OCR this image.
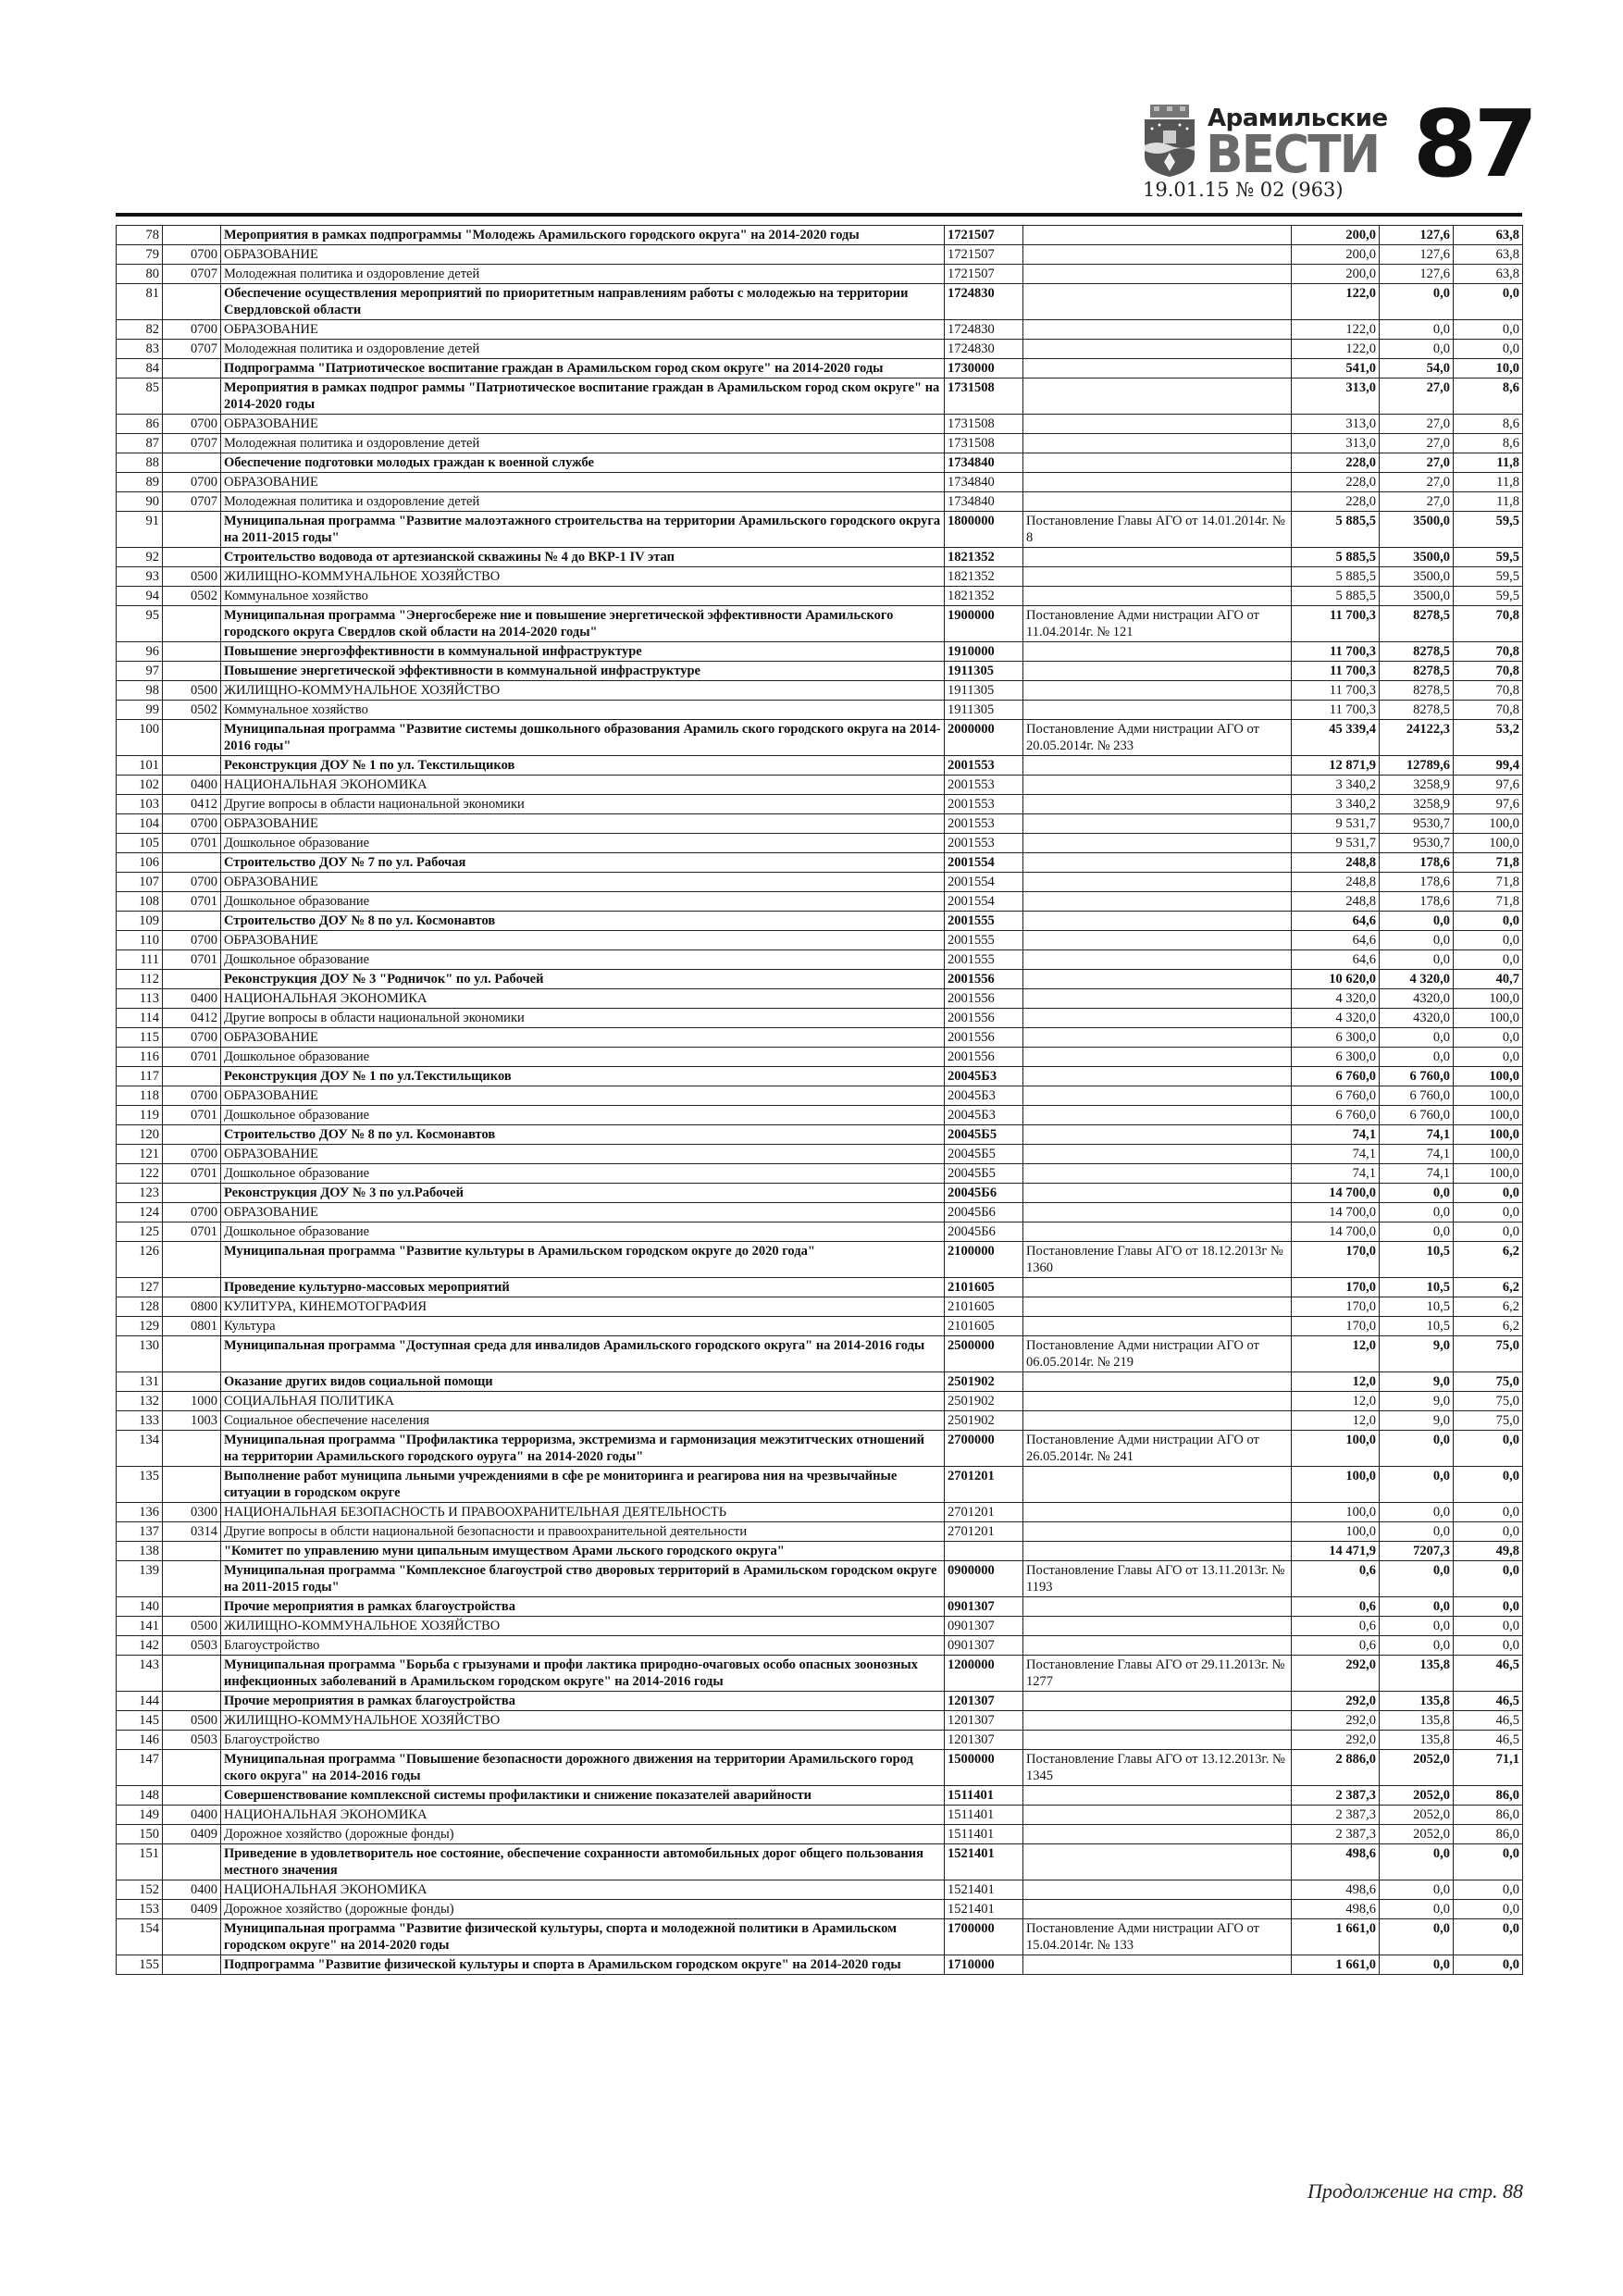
Арамильские
ВЕСТИ 87
19.01.15 № 02 (963)
78		Мероприятия в рамках подпрограммы "Молодежь Арамильского городского округа" на 2014-2020 годы	1721507		200,0	127,6	63,8
79	0700	ОБРАЗОВАНИЕ	1721507		200,0	127,6	63,8
80	0707	Молодежная политика и оздоровление детей	1721507		200,0	127,6	63,8
81		Обеспечение осуществления мероприятий по приоритетным направлениям работы с молодежью на территории Свердловской области	1724830		122,0	0,0	0,0
82	0700	ОБРАЗОВАНИЕ	1724830		122,0	0,0	0,0
83	0707	Молодежная политика и оздоровление детей	1724830		122,0	0,0	0,0
84		Подпрограмма "Патриотическое воспитание граждан в Арамильском город ском округе" на 2014-2020 годы	1730000		541,0	54,0	10,0
85		Мероприятия в рамках подпрог раммы "Патриотическое воспитание граждан в Арамильском город ском округе" на 2014-2020 годы	1731508		313,0	27,0	8,6
86	0700	ОБРАЗОВАНИЕ	1731508		313,0	27,0	8,6
87	0707	Молодежная политика и оздоровление детей	1731508		313,0	27,0	8,6
88		Обеспечение подготовки молодых граждан к военной службе	1734840		228,0	27,0	11,8
89	0700	ОБРАЗОВАНИЕ	1734840		228,0	27,0	11,8
90	0707	Молодежная политика и оздоровление детей	1734840		228,0	27,0	11,8
91		Муниципальная программа "Развитие малоэтажного строительства на территории Арамильского городского округа на 2011-2015 годы"	1800000	Постановление Главы АГО от 14.01.2014г. № 8	5 885,5	3500,0	59,5
92		Строительство водовода от артезианской скважины № 4 до ВКР-1 IV этап	1821352		5 885,5	3500,0	59,5
93	0500	ЖИЛИЩНО-КОММУНАЛЬНОЕ ХОЗЯЙСТВО	1821352		5 885,5	3500,0	59,5
94	0502	Коммунальное хозяйство	1821352		5 885,5	3500,0	59,5
95		Муниципальная программа "Энергосбереже ние и повышение энергетической эффективности Арамильского городского округа Свердлов ской области на 2014-2020 годы"	1900000	Постановление Адми нистрации АГО от 11.04.2014г. № 121	11 700,3	8278,5	70,8
96		Повышение энергоэффективности в коммунальной инфраструктуре	1910000		11 700,3	8278,5	70,8
97		Повышение энергетической эффективности в коммунальной инфраструктуре	1911305		11 700,3	8278,5	70,8
98	0500	ЖИЛИЩНО-КОММУНАЛЬНОЕ ХОЗЯЙСТВО	1911305		11 700,3	8278,5	70,8
99	0502	Коммунальное хозяйство	1911305		11 700,3	8278,5	70,8
100		Муниципальная программа "Развитие системы дошкольного образования Арамиль ского городского округа на 2014-2016 годы"	2000000	Постановление Адми нистрации АГО от 20.05.2014г. № 233	45 339,4	24122,3	53,2
101		Реконструкция ДОУ № 1 по ул. Текстильщиков	2001553		12 871,9	12789,6	99,4
102	0400	НАЦИОНАЛЬНАЯ ЭКОНОМИКА	2001553		3 340,2	3258,9	97,6
103	0412	Другие вопросы в области национальной экономики	2001553		3 340,2	3258,9	97,6
104	0700	ОБРАЗОВАНИЕ	2001553		9 531,7	9530,7	100,0
105	0701	Дошкольное образование	2001553		9 531,7	9530,7	100,0
106		Строительство ДОУ № 7 по ул. Рабочая	2001554		248,8	178,6	71,8
107	0700	ОБРАЗОВАНИЕ	2001554		248,8	178,6	71,8
108	0701	Дошкольное образование	2001554		248,8	178,6	71,8
109		Строительство ДОУ № 8 по ул. Космонавтов	2001555		64,6	0,0	0,0
110	0700	ОБРАЗОВАНИЕ	2001555		64,6	0,0	0,0
111	0701	Дошкольное образование	2001555		64,6	0,0	0,0
112		Реконструкция ДОУ № 3 "Родничок" по ул. Рабочей	2001556		10 620,0	4 320,0	40,7
113	0400	НАЦИОНАЛЬНАЯ ЭКОНОМИКА	2001556		4 320,0	4320,0	100,0
114	0412	Другие вопросы в области национальной экономики	2001556		4 320,0	4320,0	100,0
115	0700	ОБРАЗОВАНИЕ	2001556		6 300,0	0,0	0,0
116	0701	Дошкольное образование	2001556		6 300,0	0,0	0,0
117		Реконструкция ДОУ № 1 по ул.Текстильщиков	20045Б3		6 760,0	6 760,0	100,0
118	0700	ОБРАЗОВАНИЕ	20045Б3		6 760,0	6 760,0	100,0
119	0701	Дошкольное образование	20045Б3		6 760,0	6 760,0	100,0
120		Строительство ДОУ № 8 по ул. Космонавтов	20045Б5		74,1	74,1	100,0
121	0700	ОБРАЗОВАНИЕ	20045Б5		74,1	74,1	100,0
122	0701	Дошкольное образование	20045Б5		74,1	74,1	100,0
123		Реконструкция ДОУ № 3 по ул.Рабочей	20045Б6		14 700,0	0,0	0,0
124	0700	ОБРАЗОВАНИЕ	20045Б6		14 700,0	0,0	0,0
125	0701	Дошкольное образование	20045Б6		14 700,0	0,0	0,0
126		Муниципальная программа "Развитие культуры в Арамильском городском округе до 2020 года"	2100000	Постановление Главы АГО от 18.12.2013г № 1360	170,0	10,5	6,2
127		Проведение культурно-массовых мероприятий	2101605		170,0	10,5	6,2
128	0800	КУЛИТУРА, КИНЕМОТОГРАФИЯ	2101605		170,0	10,5	6,2
129	0801	Культура	2101605		170,0	10,5	6,2
130		Муниципальная программа "Доступная среда для инвалидов Арамильского городского округа" на 2014-2016 годы	2500000	Постановление Адми нистрации АГО от 06.05.2014г. № 219	12,0	9,0	75,0
131		Оказание других видов социальной помощи	2501902		12,0	9,0	75,0
132	1000	СОЦИАЛЬНАЯ ПОЛИТИКА	2501902		12,0	9,0	75,0
133	1003	Социальное обеспечение населения	2501902		12,0	9,0	75,0
134		Муниципальная программа "Профилактика терроризма, экстремизма и гармонизация межэтитческих отношений на территории Арамильского городского оуруга" на 2014-2020 годы"	2700000	Постановление Адми нистрации АГО от 26.05.2014г. № 241	100,0	0,0	0,0
135		Выполнение работ муниципа льными учреждениями в сфе ре мониторинга и реагирова ния на чрезвычайные ситуации в городском округе	2701201		100,0	0,0	0,0
136	0300	НАЦИОНАЛЬНАЯ БЕЗОПАСНОСТЬ И ПРАВООХРАНИТЕЛЬНАЯ ДЕЯТЕЛЬНОСТЬ	2701201		100,0	0,0	0,0
137	0314	Другие вопросы в облсти национальной безопасности и правоохранительной деятельности	2701201		100,0	0,0	0,0
138		"Комитет по управлению муни ципальным имуществом Арами льского городского округа"			14 471,9	7207,3	49,8
139		Муниципальная программа "Комплексное благоустрой ство дворовых территорий в Арамильском городском округе на 2011-2015 годы"	0900000	Постановление Главы АГО от 13.11.2013г. № 1193	0,6	0,0	0,0
140		Прочие мероприятия в рамках благоустройства	0901307		0,6	0,0	0,0
141	0500	ЖИЛИЩНО-КОММУНАЛЬНОЕ ХОЗЯЙСТВО	0901307		0,6	0,0	0,0
142	0503	Благоустройство	0901307		0,6	0,0	0,0
143		Муниципальная программа "Борьба с грызунами и профи лактика природно-очаговых особо опасных зоонозных инфекционных заболеваний в Арамильском городском округе" на 2014-2016 годы	1200000	Постановление Главы АГО от 29.11.2013г. № 1277	292,0	135,8	46,5
144		Прочие мероприятия в рамках благоустройства	1201307		292,0	135,8	46,5
145	0500	ЖИЛИЩНО-КОММУНАЛЬНОЕ ХОЗЯЙСТВО	1201307		292,0	135,8	46,5
146	0503	Благоустройство	1201307		292,0	135,8	46,5
147		Муниципальная программа "Повышение безопасности дорожного движения на территории Арамильского город ского округа" на 2014-2016 годы	1500000	Постановление Главы АГО от 13.12.2013г. № 1345	2 886,0	2052,0	71,1
148		Совершенствование комплексной системы профилактики и снижение показателей аварийности	1511401		2 387,3	2052,0	86,0
149	0400	НАЦИОНАЛЬНАЯ ЭКОНОМИКА	1511401		2 387,3	2052,0	86,0
150	0409	Дорожное хозяйство (дорожные фонды)	1511401		2 387,3	2052,0	86,0
151		Приведение в удовлетворитель ное состояние, обеспечение сохранности автомобильных дорог общего пользования местного значения	1521401		498,6	0,0	0,0
152	0400	НАЦИОНАЛЬНАЯ ЭКОНОМИКА	1521401		498,6	0,0	0,0
153	0409	Дорожное хозяйство (дорожные фонды)	1521401		498,6	0,0	0,0
154		Муниципальная программа "Развитие физической культуры, спорта и молодежной политики в Арамильском городском округе" на 2014-2020 годы	1700000	Постановление Адми нистрации АГО от 15.04.2014г. № 133	1 661,0	0,0	0,0
155		Подпрограмма "Развитие физической культуры и спорта в Арамильском городском округе" на 2014-2020 годы	1710000		1 661,0	0,0	0,0
Продолжение на стр. 88
